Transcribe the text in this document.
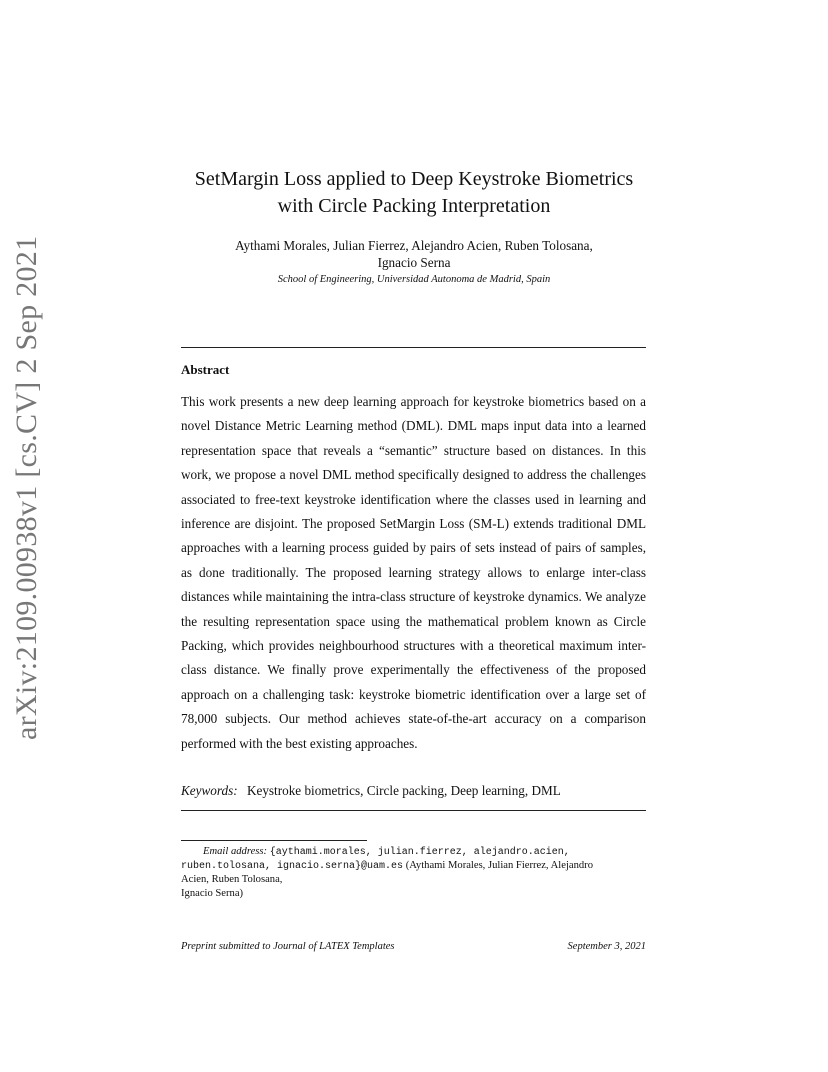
arXiv:2109.00938v1 [cs.CV] 2 Sep 2021
SetMargin Loss applied to Deep Keystroke Biometrics
with Circle Packing Interpretation
Aythami Morales, Julian Fierrez, Alejandro Acien, Ruben Tolosana,
Ignacio Serna
School of Engineering, Universidad Autonoma de Madrid, Spain
Abstract

This work presents a new deep learning approach for keystroke biometrics based on a novel Distance Metric Learning method (DML). DML maps input data into a learned representation space that reveals a “semantic” structure based on distances. In this work, we propose a novel DML method specifically designed to address the challenges associated to free-text keystroke identification where the classes used in learning and inference are disjoint. The proposed SetMargin Loss (SM-L) extends traditional DML approaches with a learning process guided by pairs of sets instead of pairs of samples, as done traditionally. The proposed learning strategy allows to enlarge inter-class distances while maintaining the intra-class structure of keystroke dynamics. We analyze the resulting representation space using the mathematical problem known as Circle Packing, which provides neighbourhood structures with a theoretical maximum inter-class distance. We finally prove experimentally the effectiveness of the proposed approach on a challenging task: keystroke biometric identification over a large set of 78,000 subjects. Our method achieves state-of-the-art accuracy on a comparison performed with the best existing approaches.

Keywords: Keystroke biometrics, Circle packing, Deep learning, DML
Email address: {aythami.morales, julian.fierrez, alejandro.acien,
ruben.tolosana, ignacio.serna}@uam.es (Aythami Morales, Julian Fierrez, Alejandro
Acien, Ruben Tolosana,
Ignacio Serna)
Preprint submitted to Journal of LATEX Templates	September 3, 2021
